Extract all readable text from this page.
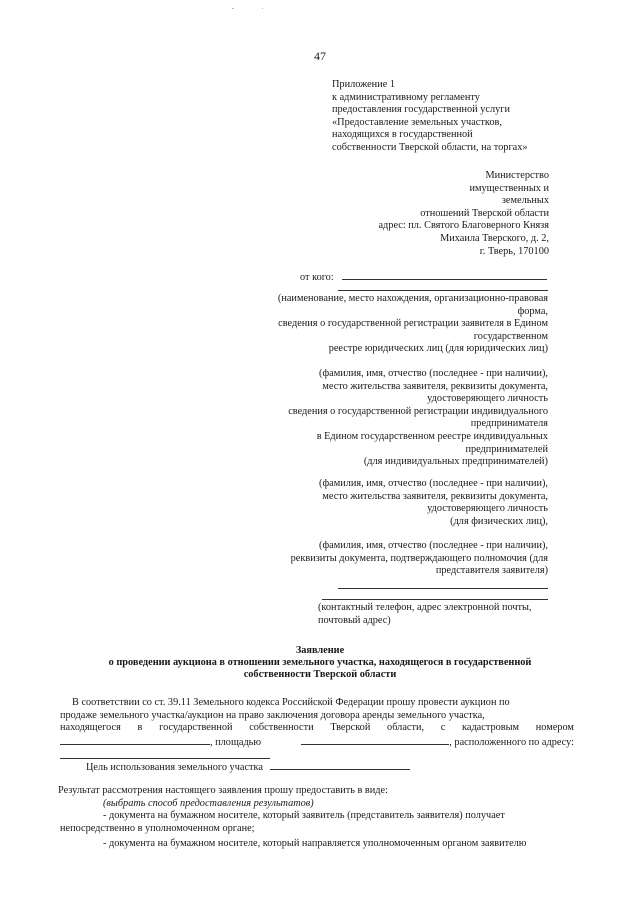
47
Приложение 1
к административному регламенту
предоставления государственной услуги
«Предоставление земельных участков,
находящихся в государственной
собственности Тверской области, на торгах»
Министерство
имущественных и
земельных
отношений Тверской области
адрес: пл. Святого Благоверного Князя
Михаила Тверского, д. 2,
г. Тверь, 170100
от кого:
(наименование, место нахождения, организационно-правовая
форма,
сведения о государственной регистрации заявителя в Едином
государственном
реестре юридических лиц (для юридических лиц)
(фамилия, имя, отчество (последнее - при наличии),
место жительства заявителя, реквизиты документа,
удостоверяющего личность
сведения о государственной регистрации индивидуального
предпринимателя
в Едином государственном реестре индивидуальных
предпринимателей
(для индивидуальных предпринимателей)
(фамилия, имя, отчество (последнее - при наличии),
место жительства заявителя, реквизиты документа,
удостоверяющего личность
(для физических лиц),
(фамилия, имя, отчество (последнее - при наличии),
реквизиты документа, подтверждающего полномочия (для
представителя заявителя)
(контактный телефон, адрес электронной почты,
почтовый адрес)
Заявление
о проведении аукциона в отношении земельного участка, находящегося в государственной
собственности Тверской области
В соответствии со ст. 39.11 Земельного кодекса Российской Федерации прошу провести аукцион по
продаже земельного участка/аукцион на право заключения договора аренды земельного участка,
находящегося в государственной собственности Тверской области, с кадастровым номером
, площадью	, расположенного по адресу:
Цель использования земельного участка
Результат рассмотрения настоящего заявления прошу предоставить в виде:
(выбрать способ предоставления результатов)
- документа на бумажном носителе, который заявитель (представитель заявителя) получает
непосредственно в уполномоченном органе;
- документа на бумажном носителе, который направляется уполномоченным органом заявителю
